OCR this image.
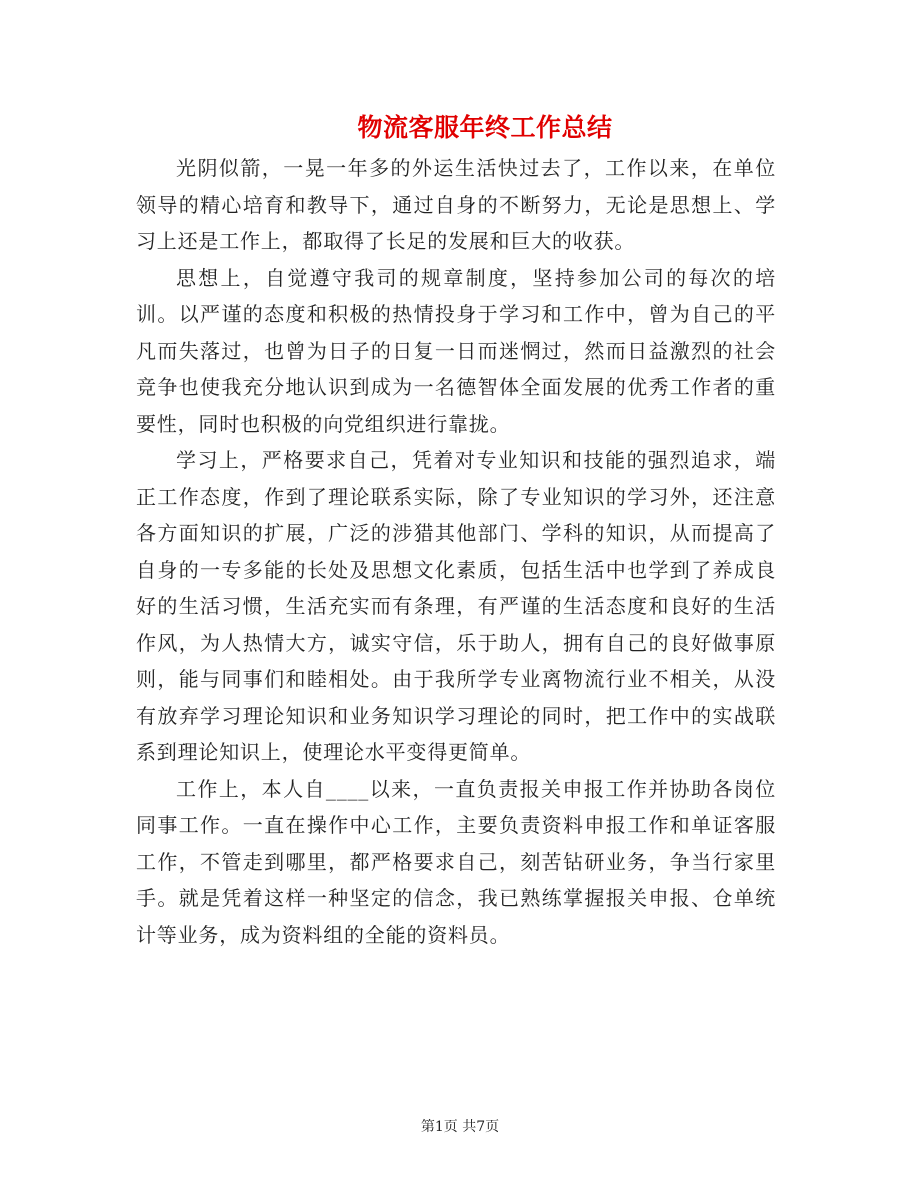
物流客服年终工作总结

光阴似箭，一晃一年多的外运生活快过去了，工作以来，在单位领导的精心培育和教导下，通过自身的不断努力，无论是思想上、学习上还是工作上，都取得了长足的发展和巨大的收获。

思想上，自觉遵守我司的规章制度，坚持参加公司的每次的培训。以严谨的态度和积极的热情投身于学习和工作中，曾为自己的平凡而失落过，也曾为日子的日复一日而迷惘过，然而日益激烈的社会竞争也使我充分地认识到成为一名德智体全面发展的优秀工作者的重要性，同时也积极的向党组织进行靠拢。

学习上，严格要求自己，凭着对专业知识和技能的强烈追求，端正工作态度，作到了理论联系实际，除了专业知识的学习外，还注意各方面知识的扩展，广泛的涉猎其他部门、学科的知识，从而提高了自身的一专多能的长处及思想文化素质，包括生活中也学到了养成良好的生活习惯，生活充实而有条理，有严谨的生活态度和良好的生活作风，为人热情大方，诚实守信，乐于助人，拥有自己的良好做事原则，能与同事们和睦相处。由于我所学专业离物流行业不相关，从没有放弃学习理论知识和业务知识学习理论的同时，把工作中的实战联系到理论知识上，使理论水平变得更简单。

工作上，本人自____以来，一直负责报关申报工作并协助各岗位同事工作。一直在操作中心工作，主要负责资料申报工作和单证客服工作，不管走到哪里，都严格要求自己，刻苦钻研业务，争当行家里手。就是凭着这样一种坚定的信念，我已熟练掌握报关申报、仓单统计等业务，成为资料组的全能的资料员。

第1页 共7页
